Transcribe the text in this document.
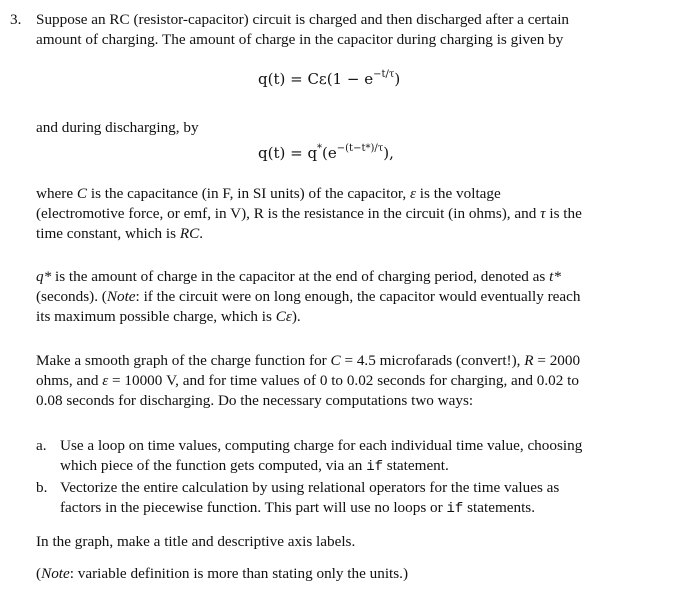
3. Suppose an RC (resistor-capacitor) circuit is charged and then discharged after a certain
amount of charging. The amount of charge in the capacitor during charging is given by
$q(t) = C\varepsilon(1 - e^{-t/\tau})$
and during discharging, by
$q(t) = q^*(e^{-(t-t*)/\tau})$,
where C is the capacitance (in F, in SI units) of the capacitor, ε is the voltage
(electromotive force, or emf, in V), R is the resistance in the circuit (in ohms), and τ is the
time constant, which is RC.
q* is the amount of charge in the capacitor at the end of charging period, denoted as t*
(seconds). (Note: if the circuit were on long enough, the capacitor would eventually reach
its maximum possible charge, which is Cε).
Make a smooth graph of the charge function for C = 4.5 microfarads (convert!), R = 2000
ohms, and ε = 10000 V, and for time values of 0 to 0.02 seconds for charging, and 0.02 to
0.08 seconds for discharging. Do the necessary computations two ways:
a. Use a loop on time values, computing charge for each individual time value, choosing
which piece of the function gets computed, via an if statement.
b. Vectorize the entire calculation by using relational operators for the time values as
factors in the piecewise function. This part will use no loops or if statements.
In the graph, make a title and descriptive axis labels.
(Note: variable definition is more than stating only the units.)
